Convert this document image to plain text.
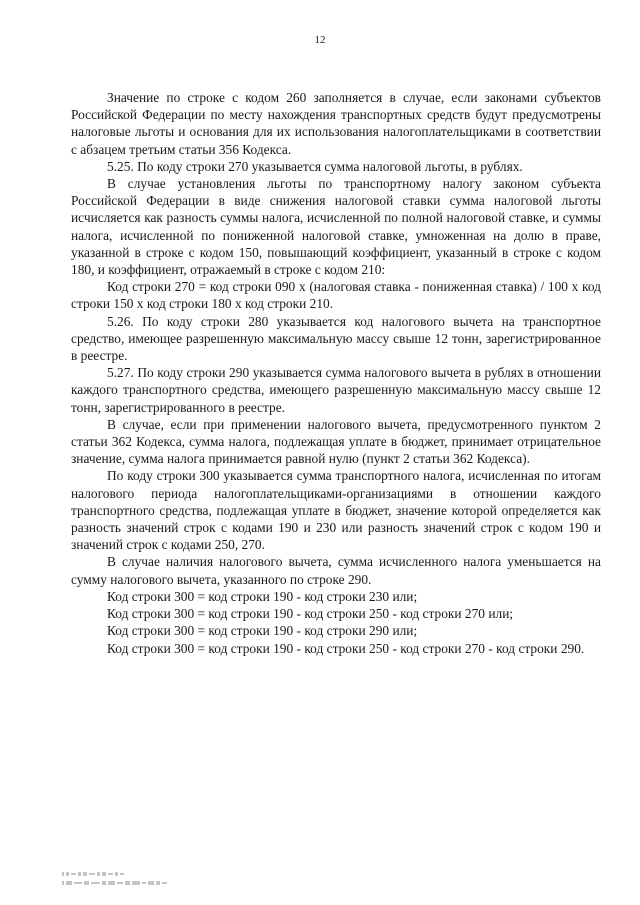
12

Значение по строке с кодом 260 заполняется в случае, если законами субъектов Российской Федерации по месту нахождения транспортных средств будут предусмотрены налоговые льготы и основания для их использования налогоплательщиками в соответствии с абзацем третьим статьи 356 Кодекса.

5.25. По коду строки 270 указывается сумма налоговой льготы, в рублях.

В случае установления льготы по транспортному налогу законом субъекта Российской Федерации в виде снижения налоговой ставки сумма налоговой льготы исчисляется как разность суммы налога, исчисленной по полной налоговой ставке, и суммы налога, исчисленной по пониженной налоговой ставке, умноженная на долю в праве, указанной в строке с кодом 150, повышающий коэффициент, указанный в строке с кодом 180, и коэффициент, отражаемый в строке с кодом 210:

Код строки 270 = код строки 090 х (налоговая ставка - пониженная ставка) / 100 х код строки 150 х код строки 180 х код строки 210.

5.26. По коду строки 280 указывается код налогового вычета на транспортное средство, имеющее разрешенную максимальную массу свыше 12 тонн, зарегистрированное в реестре.

5.27. По коду строки 290 указывается сумма налогового вычета в рублях в отношении каждого транспортного средства, имеющего разрешенную максимальную массу свыше 12 тонн, зарегистрированного в реестре.

В случае, если при применении налогового вычета, предусмотренного пунктом 2 статьи 362 Кодекса, сумма налога, подлежащая уплате в бюджет, принимает отрицательное значение, сумма налога принимается равной нулю (пункт 2 статьи 362 Кодекса).

По коду строки 300 указывается сумма транспортного налога, исчисленная по итогам налогового периода налогоплательщиками-организациями в отношении каждого транспортного средства, подлежащая уплате в бюджет, значение которой определяется как разность значений строк с кодами 190 и 230 или разность значений строк с кодом 190 и значений строк с кодами 250, 270.

В случае наличия налогового вычета, сумма исчисленного налога уменьшается на сумму налогового вычета, указанного по строке 290.

Код строки 300 = код строки 190 - код строки 230 или;

Код строки 300 = код строки 190 - код строки 250 - код строки 270 или;

Код строки 300 = код строки 190 - код строки 290 или;

Код строки 300 = код строки 190 - код строки 250 - код строки 270 - код строки 290.
